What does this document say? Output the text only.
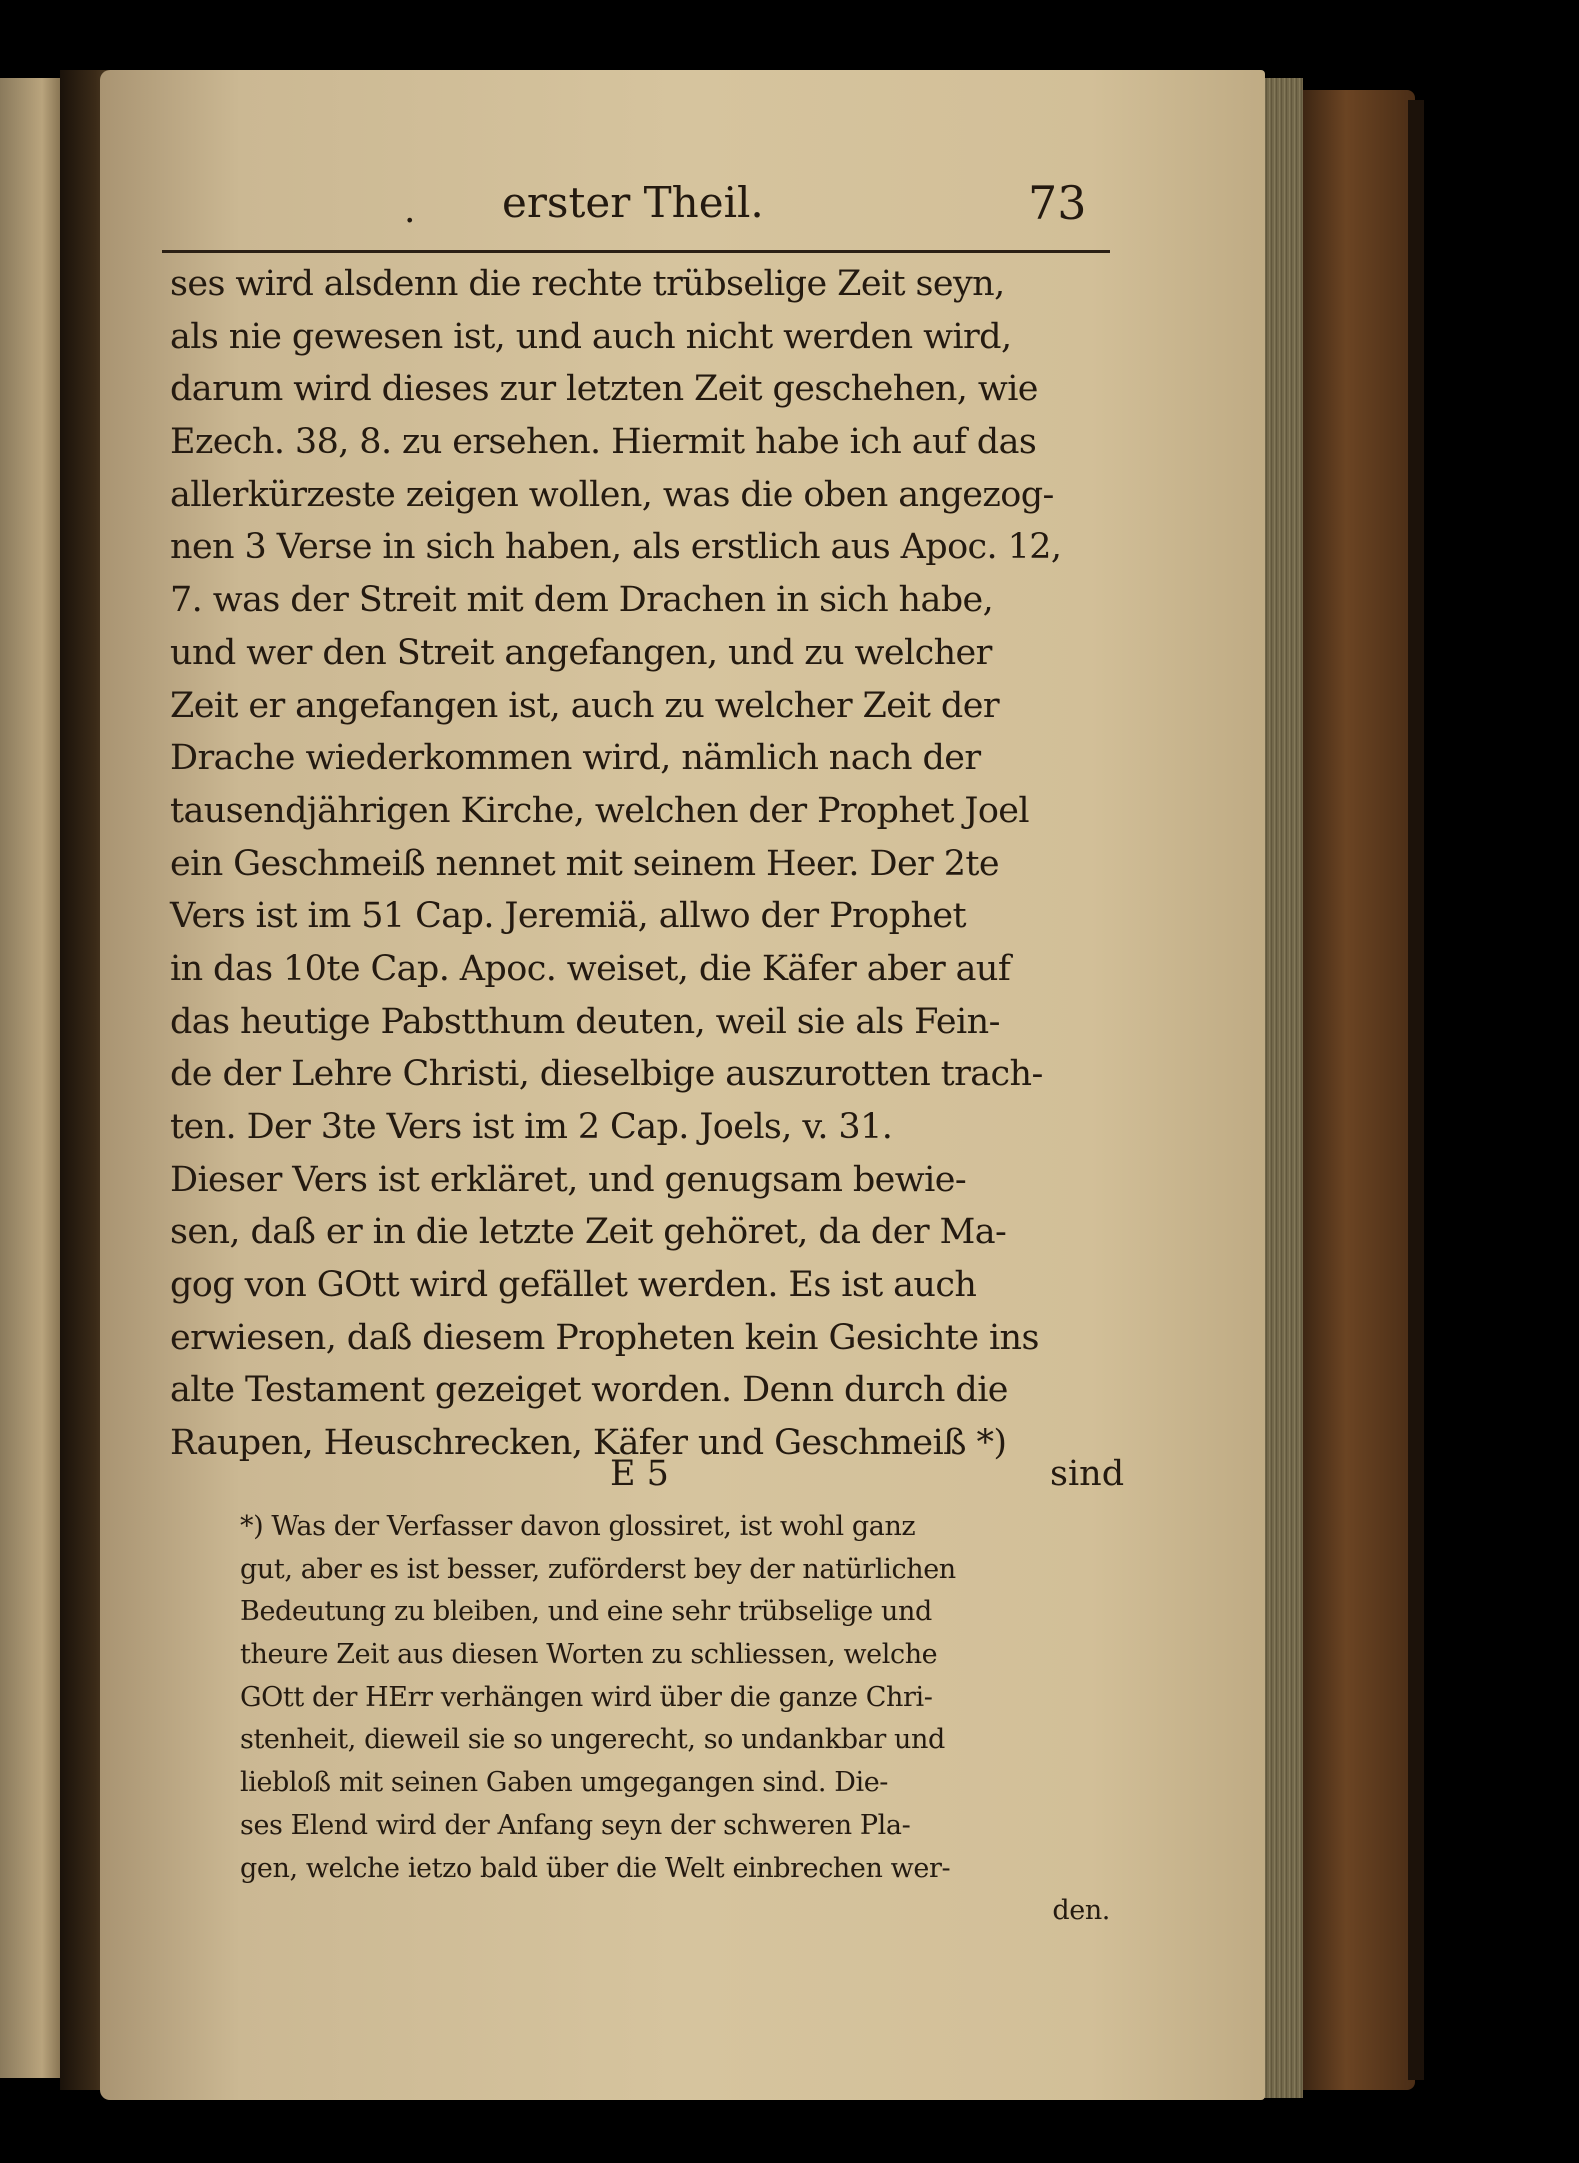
. erster Theil.	73
ses wird alsdenn die rechte trübselige Zeit seyn,
als nie gewesen ist, und auch nicht werden wird,
darum wird dieses zur letzten Zeit geschehen, wie
Ezech. 38, 8. zu ersehen. Hiermit habe ich auf das
allerkürzeste zeigen wollen, was die oben angezog-
nen 3 Verse in sich haben, als erstlich aus Apoc. 12,
7. was der Streit mit dem Drachen in sich habe,
und wer den Streit angefangen, und zu welcher
Zeit er angefangen ist, auch zu welcher Zeit der
Drache wiederkommen wird, nämlich nach der
tausendjährigen Kirche, welchen der Prophet Joel
ein Geschmeiß nennet mit seinem Heer. Der 2te
Vers ist im 51 Cap. Jeremiä, allwo der Prophet
in das 10te Cap. Apoc. weiset, die Käfer aber auf
das heutige Pabstthum deuten, weil sie als Fein-
de der Lehre Christi, dieselbige auszurotten trach-
ten. Der 3te Vers ist im 2 Cap. Joels, v. 31.
Dieser Vers ist erkläret, und genugsam bewie-
sen, daß er in die letzte Zeit gehöret, da der Ma-
gog von GOtt wird gefället werden. Es ist auch
erwiesen, daß diesem Propheten kein Gesichte ins
alte Testament gezeiget worden. Denn durch die
Raupen, Heuschrecken, Käfer und Geschmeiß *)
E 5	sind
*) Was der Verfasser davon glossiret, ist wohl ganz
gut, aber es ist besser, zuförderst bey der natürlichen
Bedeutung zu bleiben, und eine sehr trübselige und
theure Zeit aus diesen Worten zu schliessen, welche
GOtt der HErr verhängen wird über die ganze Chri-
stenheit, dieweil sie so ungerecht, so undankbar und
liebloß mit seinen Gaben umgegangen sind. Die-
ses Elend wird der Anfang seyn der schweren Pla-
gen, welche ietzo bald über die Welt einbrechen wer-
den.
